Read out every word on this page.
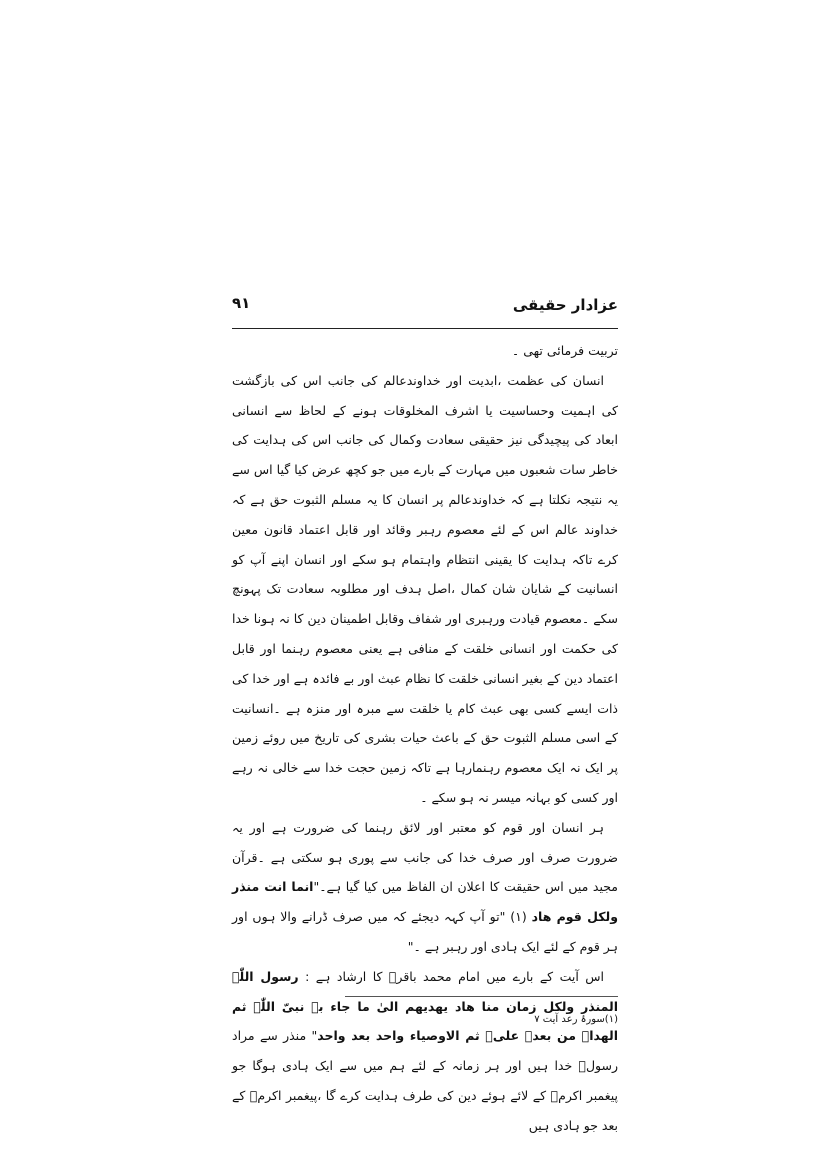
عزادار حقیقی
۹۱

تربیت فرمائی تھی ۔

انسان کی عظمت ،ابدیت اور خداوندعالم کی جانب اس کی بازگشت کی اہمیت وحساسیت یا اشرف المخلوقات ہونے کے لحاظ سے انسانی ابعاد کی پیچیدگی نیز حقیقی سعادت وکمال کی جانب اس کی ہدایت کی خاطر سات شعبوں میں مہارت کے بارے میں جو کچھ عرض کیا گیا اس سے یہ نتیجہ نکلتا ہے کہ خداوندعالم پر انسان کا یہ مسلم الثبوت حق ہے کہ خداوند عالم اس کے لئے معصوم رہبر وقائد اور قابل اعتماد قانون معین کرے تاکہ ہدایت کا یقینی انتظام واہتمام ہو سکے اور انسان اپنے آپ کو انسانیت کے شایان شان کمال ،اصل ہدف اور مطلوبہ سعادت تک پہونچ سکے ۔معصوم قیادت ورہبری اور شفاف وقابل اطمینان دین کا نہ ہونا خدا کی حکمت اور انسانی خلقت کے منافی ہے یعنی معصوم رہنما اور قابل اعتماد دین کے بغیر انسانی خلقت کا نظام عبث اور بے فائدہ ہے اور خدا کی ذات ایسے کسی بھی عبث کام یا خلقت سے مبرہ اور منزہ ہے ۔انسانیت کے اسی مسلم الثبوت حق کے باعث حیات بشری کی تاریخ میں روئے زمین پر ایک نہ ایک معصوم رہنمارہا ہے تاکہ زمین حجت خدا سے خالی نہ رہے اور کسی کو بہانہ میسر نہ ہو سکے ۔

ہر انسان اور قوم کو معتبر اور لائق رہنما کی ضرورت ہے اور یہ ضرورت صرف اور صرف خدا کی جانب سے پوری ہو سکتی ہے ۔قرآن مجید میں اس حقیقت کا اعلان ان الفاظ میں کیا گیا ہے۔"انما انت منذر ولکل قوم ھاد (۱) "تو آپ کہہ دیجئے کہ میں صرف ڈرانے والا ہوں اور ہر قوم کے لئے ایک ہادی اور رہبر ہے ۔"

اس آیت کے بارے میں امام محمد باقرؑ کا ارشاد ہے : رسول اللّٰہ المنذر ولکل زمان منا ھاد یھدیھم الیٰ ما جاء بہ نبیّ اللّٰہ ثم الھداۃ من بعدہ علیؑ ثم الاوصیاء واحد بعد واحد" منذر سے مراد رسولؐ خدا ہیں اور ہر زمانہ کے لئے ہم میں سے ایک ہادی ہوگا جو پیغمبر اکرمؐ کے لائے ہوئے دین کی طرف ہدایت کرے گا ،پیغمبر اکرمؐ کے بعد جو ہادی ہیں

(۱)سورۂ رعد آیت ۷
